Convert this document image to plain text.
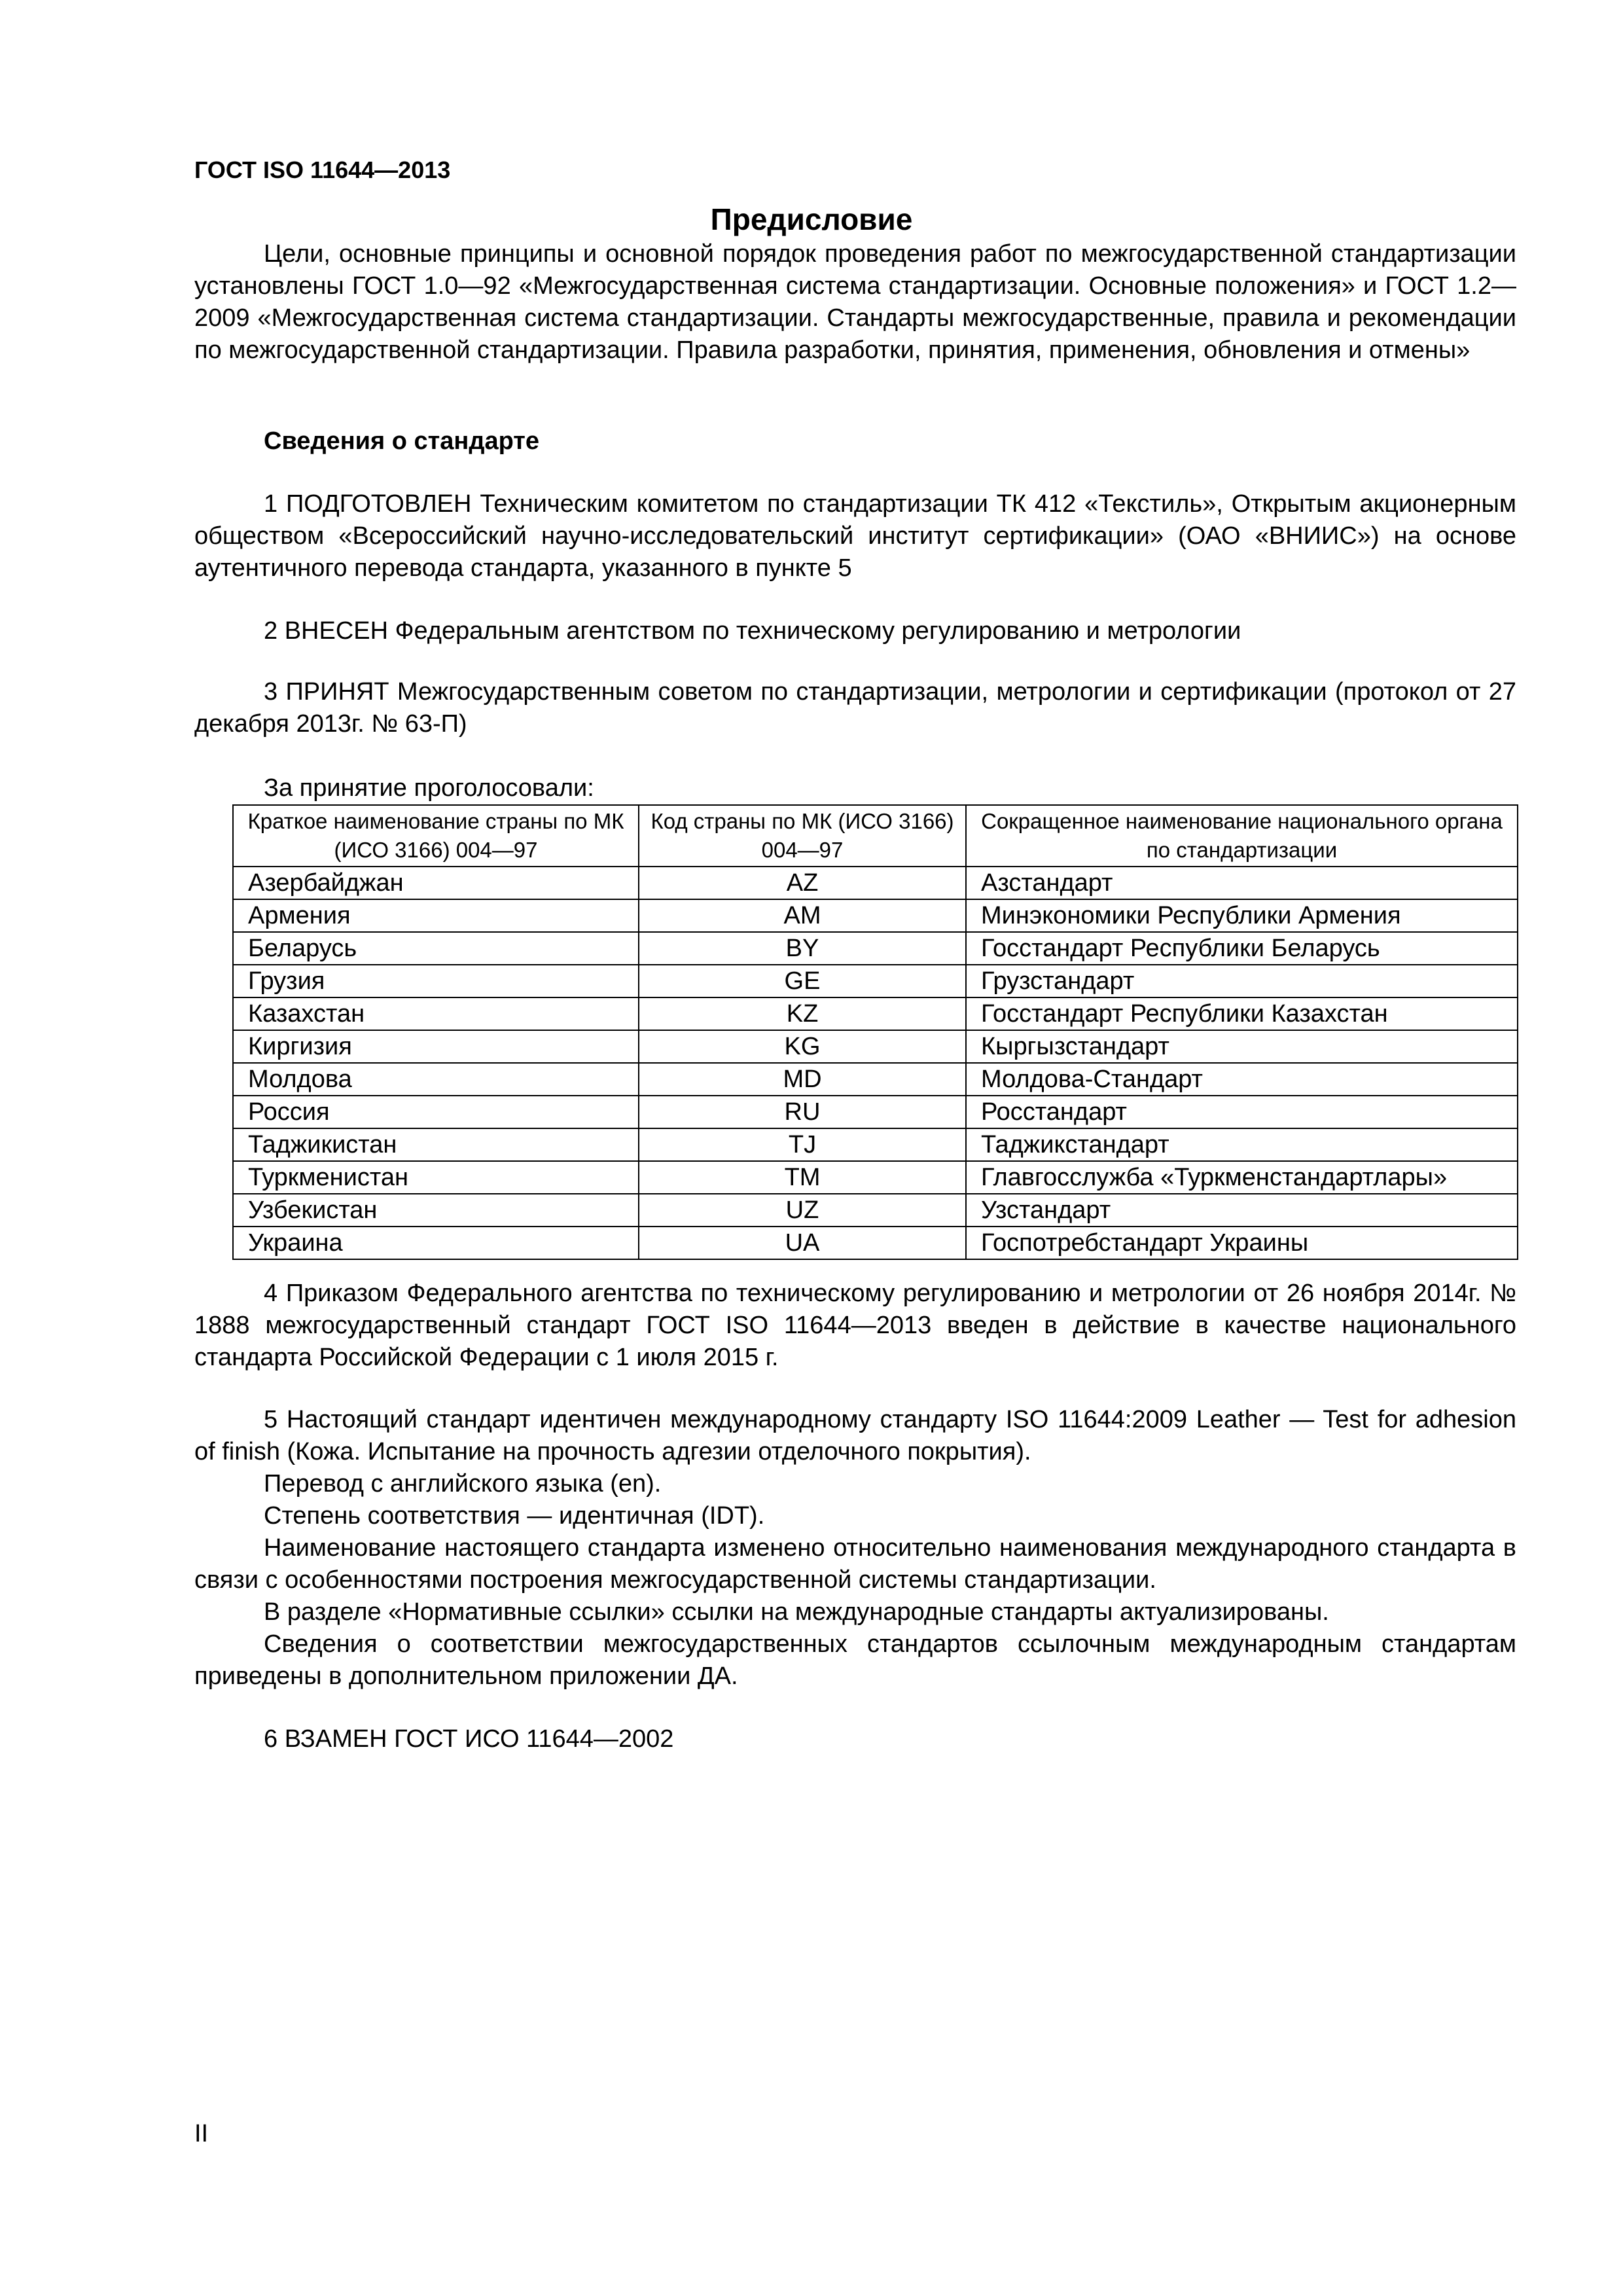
ГОСТ ISO 11644—2013
Предисловие
Цели, основные принципы и основной порядок проведения работ по межгосударственной стандартизации установлены ГОСТ 1.0—92 «Межгосударственная система стандартизации. Основные положения» и ГОСТ 1.2—2009 «Межгосударственная система стандартизации. Стандарты межгосударственные, правила и рекомендации по межгосударственной стандартизации. Правила разработки, принятия, применения, обновления и отмены»
Сведения о стандарте
1 ПОДГОТОВЛЕН Техническим комитетом по стандартизации ТК 412 «Текстиль», Открытым акционерным обществом «Всероссийский научно-исследовательский институт сертификации» (ОАО «ВНИИС») на основе аутентичного перевода стандарта, указанного в пункте 5
2 ВНЕСЕН Федеральным агентством по техническому регулированию и метрологии
3 ПРИНЯТ Межгосударственным советом по стандартизации, метрологии и сертификации (протокол от 27 декабря 2013г. № 63-П)
За принятие проголосовали:
Краткое наименование страны по МК (ИСО 3166) 004—97	Код страны по МК (ИСО 3166) 004—97	Сокращенное наименование национального органа по стандартизации
Азербайджан	AZ	Азстандарт
Армения	AM	Минэкономики Республики Армения
Беларусь	BY	Госстандарт Республики Беларусь
Грузия	GE	Грузстандарт
Казахстан	KZ	Госстандарт Республики Казахстан
Киргизия	KG	Кыргызстандарт
Молдова	MD	Молдова-Стандарт
Россия	RU	Росстандарт
Таджикистан	TJ	Таджикстандарт
Туркменистан	TM	Главгосслужба «Туркменстандартлары»
Узбекистан	UZ	Узстандарт
Украина	UA	Госпотребстандарт Украины
4 Приказом Федерального агентства по техническому регулированию и метрологии от 26 ноября 2014г. № 1888 межгосударственный стандарт ГОСТ ISO 11644—2013 введен в действие в качестве национального стандарта Российской Федерации с 1 июля 2015 г.
5 Настоящий стандарт идентичен международному стандарту ISO 11644:2009 Leather — Test for adhesion of finish (Кожа. Испытание на прочность адгезии отделочного покрытия).
Перевод с английского языка (en).
Степень соответствия — идентичная (IDT).
Наименование настоящего стандарта изменено относительно наименования международного стандарта в связи с особенностями построения межгосударственной системы стандартизации.
В разделе «Нормативные ссылки» ссылки на международные стандарты актуализированы.
Сведения о соответствии межгосударственных стандартов ссылочным международным стандартам приведены в дополнительном приложении ДА.
6 ВЗАМЕН ГОСТ ИСО 11644—2002
II
